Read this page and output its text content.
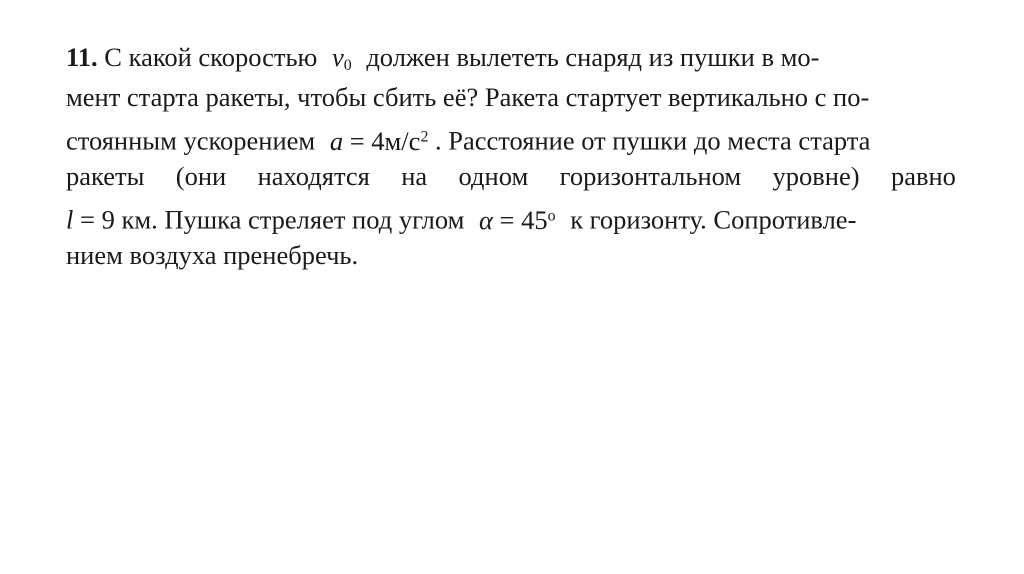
11. С какой скоростью $v_0$ должен вылететь снаряд из пушки в мо-
мент старта ракеты, чтобы сбить её? Ракета стартует вертикально с по-
стоянным ускорением $a = 4м/с^2$ . Расстояние от пушки до места старта
ракеты (они находятся на одном горизонтальном уровне) равно
l = 9 км. Пушка стреляет под углом $\alpha = 45^o$ к горизонту. Сопротивле-
нием воздуха пренебречь.
